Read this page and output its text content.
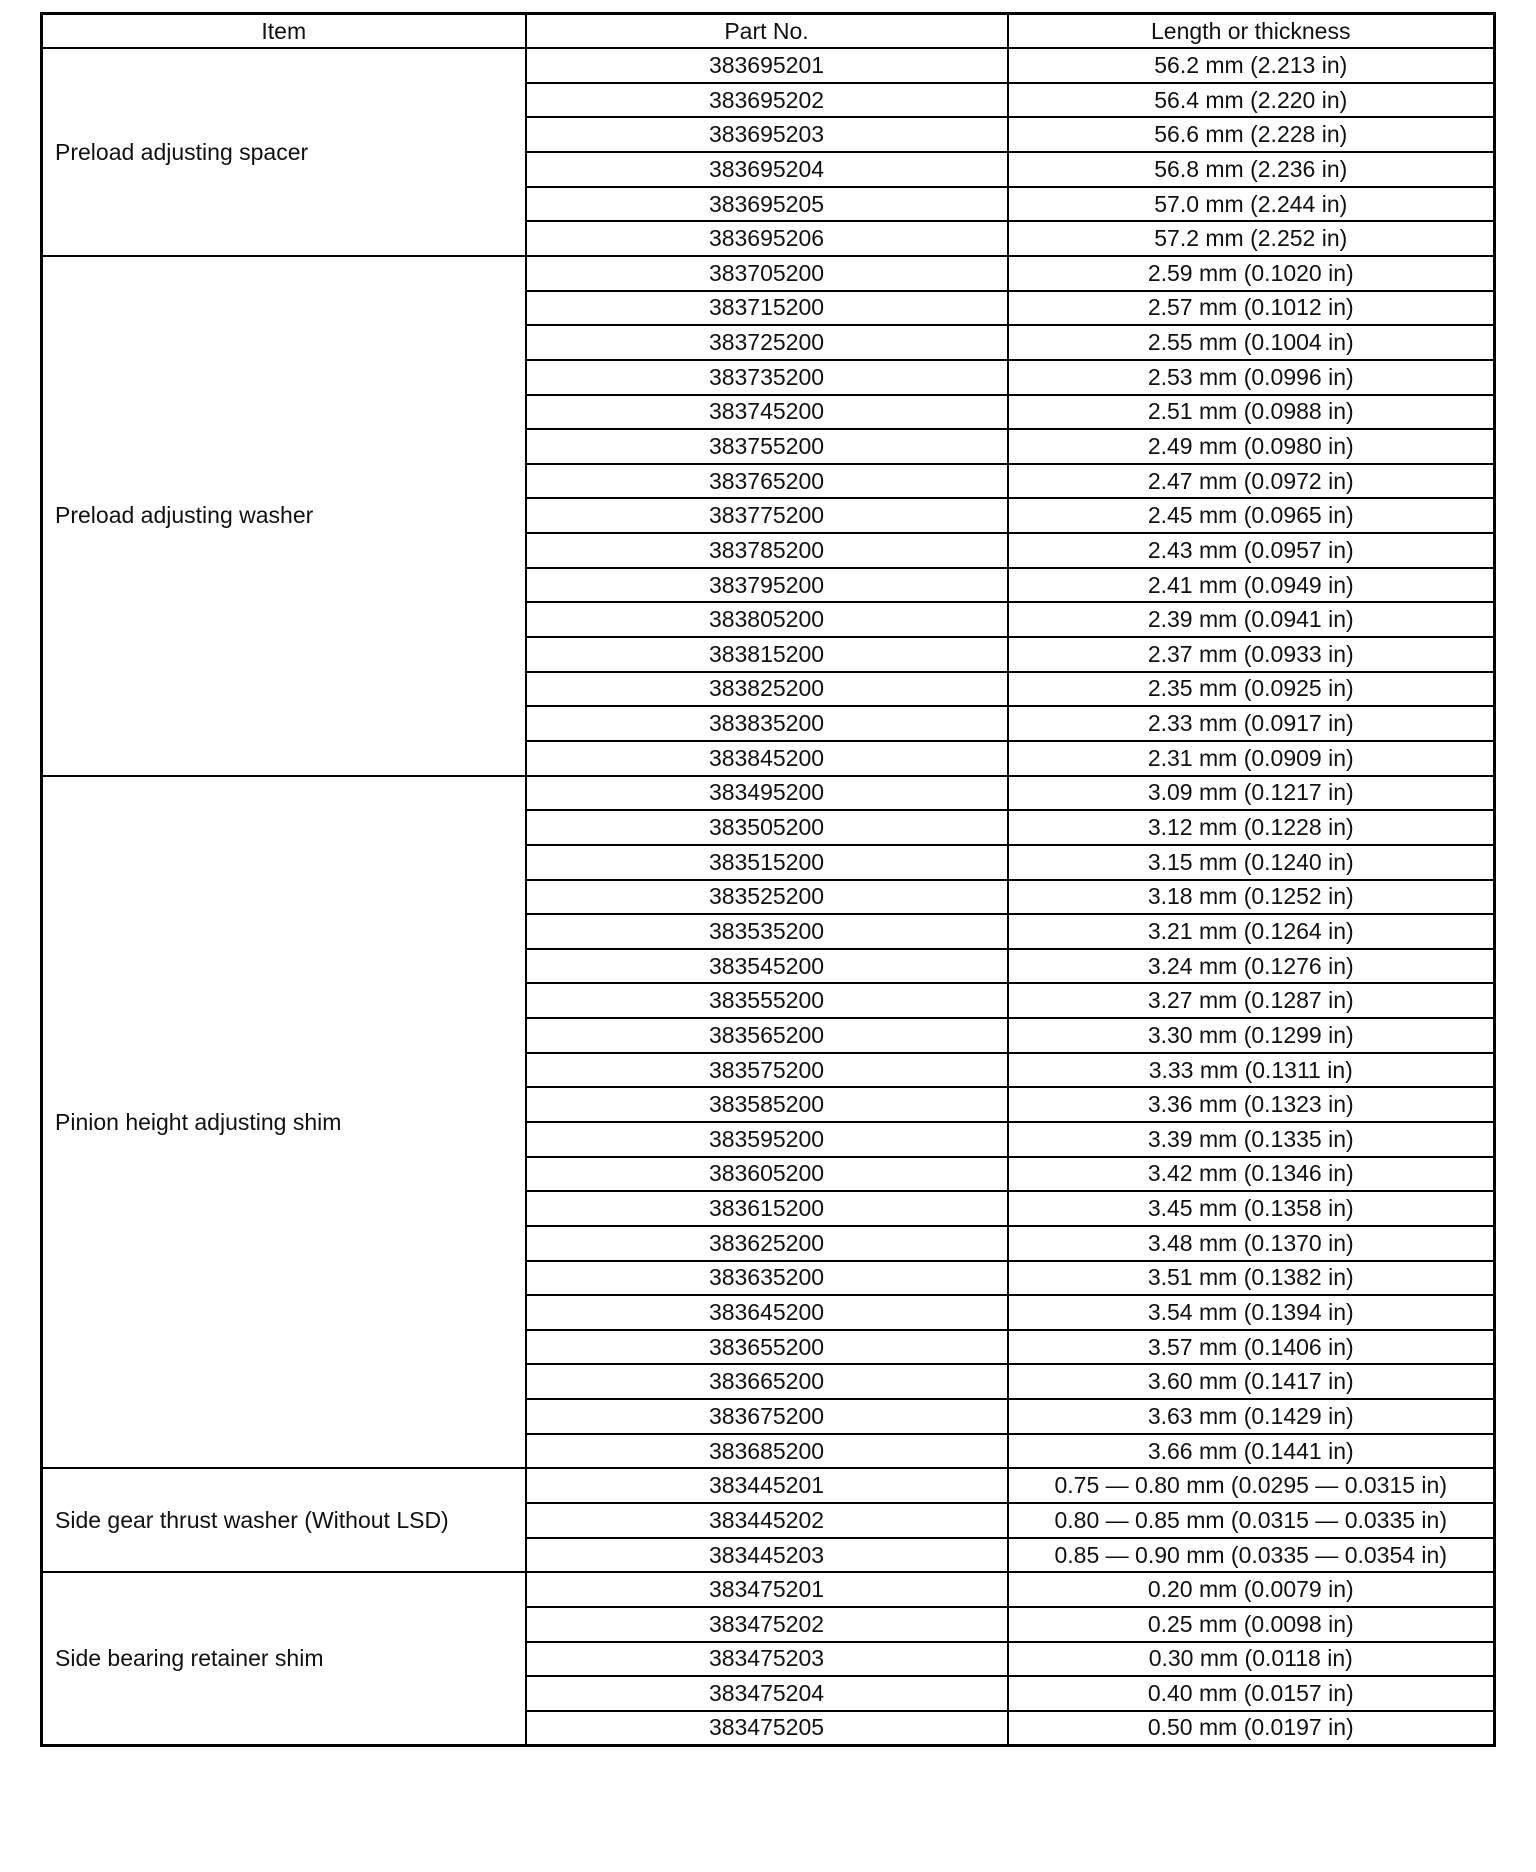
Item	Part No.	Length or thickness
Preload adjusting spacer	383695201	56.2 mm (2.213 in)
	383695202	56.4 mm (2.220 in)
	383695203	56.6 mm (2.228 in)
	383695204	56.8 mm (2.236 in)
	383695205	57.0 mm (2.244 in)
	383695206	57.2 mm (2.252 in)
Preload adjusting washer	383705200	2.59 mm (0.1020 in)
	383715200	2.57 mm (0.1012 in)
	383725200	2.55 mm (0.1004 in)
	383735200	2.53 mm (0.0996 in)
	383745200	2.51 mm (0.0988 in)
	383755200	2.49 mm (0.0980 in)
	383765200	2.47 mm (0.0972 in)
	383775200	2.45 mm (0.0965 in)
	383785200	2.43 mm (0.0957 in)
	383795200	2.41 mm (0.0949 in)
	383805200	2.39 mm (0.0941 in)
	383815200	2.37 mm (0.0933 in)
	383825200	2.35 mm (0.0925 in)
	383835200	2.33 mm (0.0917 in)
	383845200	2.31 mm (0.0909 in)
Pinion height adjusting shim	383495200	3.09 mm (0.1217 in)
	383505200	3.12 mm (0.1228 in)
	383515200	3.15 mm (0.1240 in)
	383525200	3.18 mm (0.1252 in)
	383535200	3.21 mm (0.1264 in)
	383545200	3.24 mm (0.1276 in)
	383555200	3.27 mm (0.1287 in)
	383565200	3.30 mm (0.1299 in)
	383575200	3.33 mm (0.1311 in)
	383585200	3.36 mm (0.1323 in)
	383595200	3.39 mm (0.1335 in)
	383605200	3.42 mm (0.1346 in)
	383615200	3.45 mm (0.1358 in)
	383625200	3.48 mm (0.1370 in)
	383635200	3.51 mm (0.1382 in)
	383645200	3.54 mm (0.1394 in)
	383655200	3.57 mm (0.1406 in)
	383665200	3.60 mm (0.1417 in)
	383675200	3.63 mm (0.1429 in)
	383685200	3.66 mm (0.1441 in)
Side gear thrust washer (Without LSD)	383445201	0.75 — 0.80 mm (0.0295 — 0.0315 in)
	383445202	0.80 — 0.85 mm (0.0315 — 0.0335 in)
	383445203	0.85 — 0.90 mm (0.0335 — 0.0354 in)
Side bearing retainer shim	383475201	0.20 mm (0.0079 in)
	383475202	0.25 mm (0.0098 in)
	383475203	0.30 mm (0.0118 in)
	383475204	0.40 mm (0.0157 in)
	383475205	0.50 mm (0.0197 in)
